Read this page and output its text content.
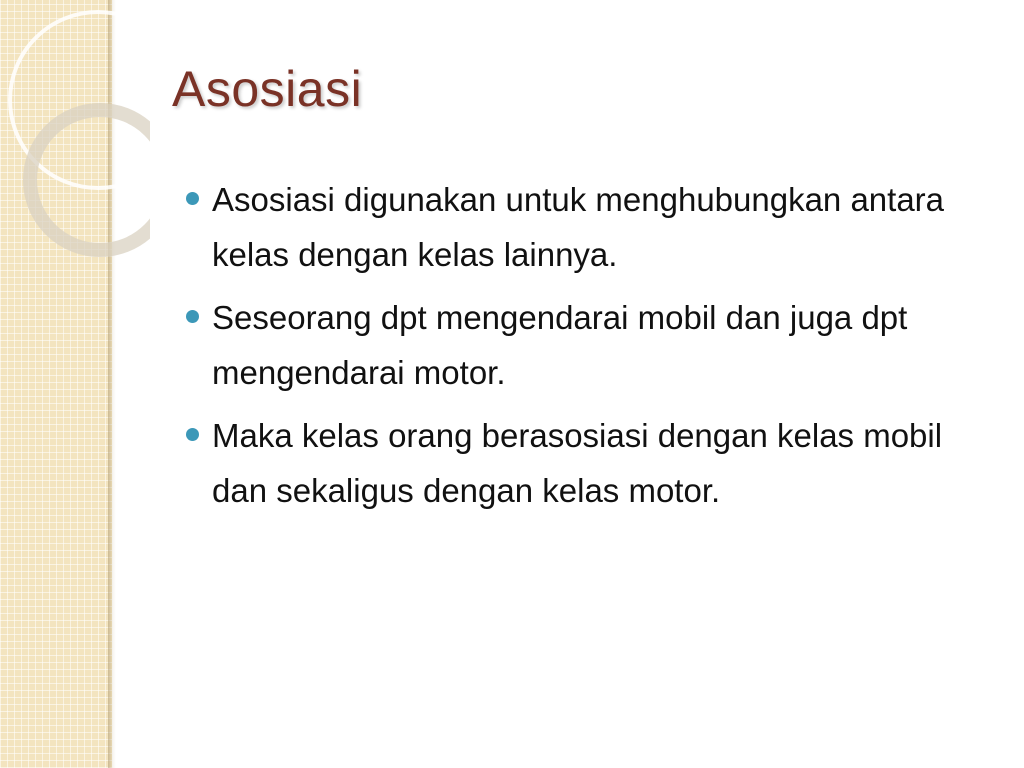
Asosiasi
Asosiasi digunakan untuk menghubungkan antara kelas dengan kelas lainnya.
Seseorang dpt mengendarai mobil dan juga dpt mengendarai motor.
Maka kelas orang berasosiasi dengan kelas mobil dan sekaligus dengan kelas motor.
